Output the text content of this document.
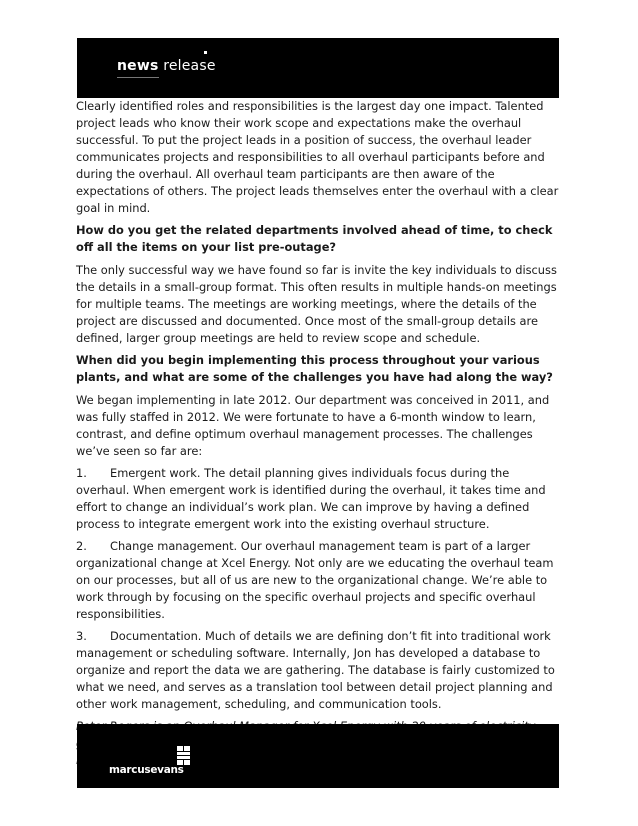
news release

Clearly identified roles and responsibilities is the largest day one impact. Talented project leads who know their work scope and expectations make the overhaul successful. To put the project leads in a position of success, the overhaul leader communicates projects and responsibilities to all overhaul participants before and during the overhaul. All overhaul team participants are then aware of the expectations of others. The project leads themselves enter the overhaul with a clear goal in mind.

How do you get the related departments involved ahead of time, to check off all the items on your list pre-outage?

The only successful way we have found so far is invite the key individuals to discuss the details in a small-group format. This often results in multiple hands-on meetings for multiple teams. The meetings are working meetings, where the details of the project are discussed and documented. Once most of the small-group details are defined, larger group meetings are held to review scope and schedule.

When did you begin implementing this process throughout your various plants, and what are some of the challenges you have had along the way?

We began implementing in late 2012. Our department was conceived in 2011, and was fully staffed in 2012. We were fortunate to have a 6-month window to learn, contrast, and define optimum overhaul management processes. The challenges we’ve seen so far are:

1. Emergent work. The detail planning gives individuals focus during the overhaul. When emergent work is identified during the overhaul, it takes time and effort to change an individual’s work plan. We can improve by having a defined process to integrate emergent work into the existing overhaul structure.

2. Change management. Our overhaul management team is part of a larger organizational change at Xcel Energy. Not only are we educating the overhaul team on our processes, but all of us are new to the organizational change. We’re able to work through by focusing on the specific overhaul projects and specific overhaul responsibilities.

3. Documentation. Much of details we are defining don’t fit into traditional work management or scheduling software. Internally, Jon has developed a database to organize and report the data we are gathering. The database is fairly customized to what we need, and serves as a translation tool between detail project planning and other work management, scheduling, and communication tools.

marcusevans
